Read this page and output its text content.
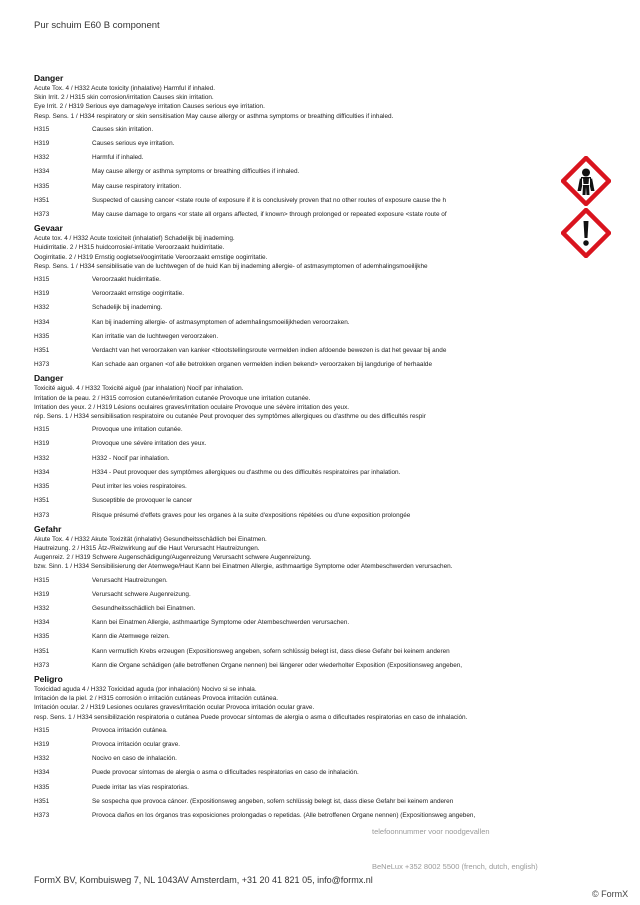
Pur schuim E60 B component
Danger
Acute Tox. 4 / H332 Acute toxicity (inhalative) Harmful if inhaled.
Skin Irrit. 2 / H315 skin corrosion/irritation Causes skin irritation.
Eye Irrit. 2 / H319 Serious eye damage/eye irritation Causes serious eye irritation.
Resp. Sens. 1 / H334 respiratory or skin sensitisation May cause allergy or asthma symptoms or breathing difficulties if inhaled.
H315	Causes skin irritation.
H319	Causes serious eye irritation.
H332	Harmful if inhaled.
H334	May cause allergy or asthma symptoms or breathing difficulties if inhaled.
H335	May cause respiratory irritation.
H351	Suspected of causing cancer <state route of exposure if it is conclusively proven that no other routes of exposure cause the h
H373	May cause damage to organs <or state all organs affected, if known> through prolonged or repeated exposure <state route of
Gevaar
Acute tox. 4 / H332 Acute toxiciteit (inhalatief) Schadelijk bij inademing.
Huidirritatie. 2 / H315 huidcorrosie/-irritatie Veroorzaakt huidirritatie.
Oogirritatie. 2 / H319 Ernstig oogletsel/oogirritatie Veroorzaakt ernstige oogirritatie.
Resp. Sens. 1 / H334 sensibilisatie van de luchtwegen of de huid Kan bij inademing allergie- of astmasymptomen of ademhalingsmoeilijkhe
H315	Veroorzaakt huidirritatie.
H319	Veroorzaakt ernstige oogirritatie.
H332	Schadelijk bij inademing.
H334	Kan bij inademing allergie- of astmasymptomen of ademhalingsmoeilijkheden veroorzaken.
H335	Kan irritatie van de luchtwegen veroorzaken.
H351	Verdacht van het veroorzaken van kanker <blootstellingsroute vermelden indien afdoende bewezen is dat het gevaar bij ande
H373	Kan schade aan organen <of alle betrokken organen vermelden indien bekend> veroorzaken bij langdurige of herhaalde
Danger
Toxicité aiguë. 4 / H332 Toxicité aiguë (par inhalation) Nocif par inhalation.
Irritation de la peau. 2 / H315 corrosion cutanée/irritation cutanée Provoque une irritation cutanée.
Irritation des yeux. 2 / H319 Lésions oculaires graves/irritation oculaire Provoque une sévère irritation des yeux.
rép. Sens. 1 / H334 sensibilisation respiratoire ou cutanée Peut provoquer des symptômes allergiques ou d'asthme ou des difficultés respir
H315	Provoque une irritation cutanée.
H319	Provoque une sévère irritation des yeux.
H332	H332 - Nocif par inhalation.
H334	H334 - Peut provoquer des symptômes allergiques ou d'asthme ou des difficultés respiratoires par inhalation.
H335	Peut irriter les voies respiratoires.
H351	Susceptible de provoquer le cancer
H373	Risque présumé d'effets graves pour les organes à la suite d'expositions répétées ou d'une exposition prolongée
Gefahr
Akute Tox. 4 / H332 Akute Toxizität (inhalativ) Gesundheitsschädlich bei Einatmen.
Hautreizung. 2 / H315 Ätz-/Reizwirkung auf die Haut Verursacht Hautreizungen.
Augenreiz. 2 / H319 Schwere Augenschädigung/Augenreizung Verursacht schwere Augenreizung.
bzw. Sinn. 1 / H334 Sensibilisierung der Atemwege/Haut Kann bei Einatmen Allergie, asthmaartige Symptome oder Atembeschwerden verursachen.
H315	Verursacht Hautreizungen.
H319	Verursacht schwere Augenreizung.
H332	Gesundheitsschädlich bei Einatmen.
H334	Kann bei Einatmen Allergie, asthmaartige Symptome oder Atembeschwerden verursachen.
H335	Kann die Atemwege reizen.
H351	Kann vermutlich Krebs erzeugen (Expositionsweg angeben, sofern schlüssig belegt ist, dass diese Gefahr bei keinem anderen
H373	Kann die Organe schädigen (alle betroffenen Organe nennen) bei längerer oder wiederholter Exposition (Expositionsweg angeben,
Peligro
Toxicidad aguda 4 / H332 Toxicidad aguda (por inhalación) Nocivo si se inhala.
Irritación de la piel. 2 / H315 corrosión o irritación cutáneas Provoca irritación cutánea.
Irritación ocular. 2 / H319 Lesiones oculares graves/irritación ocular Provoca irritación ocular grave.
resp. Sens. 1 / H334 sensibilización respiratoria o cutánea Puede provocar síntomas de alergia o asma o dificultades respiratorias en caso de inhalación.
H315	Provoca irritación cutánea.
H319	Provoca irritación ocular grave.
H332	Nocivo en caso de inhalación.
H334	Puede provocar síntomas de alergia o asma o dificultades respiratorias en caso de inhalación.
H335	Puede irritar las vías respiratorias.
H351	Se sospecha que provoca cáncer. (Expositionsweg angeben, sofern schlüssig belegt ist, dass diese Gefahr bei keinem anderen
H373	Provoca daños en los órganos tras exposiciones prolongadas o repetidas. (Alle betroffenen Organe nennen) (Expositionsweg angeben,
telefoonnummer voor noodgevallen
BeNeLux +352 8002 5500 (french, dutch, english)
FormX BV, Kombuisweg 7, NL 1043AV Amsterdam, +31 20 41 821 05, info@formx.nl
© FormX
